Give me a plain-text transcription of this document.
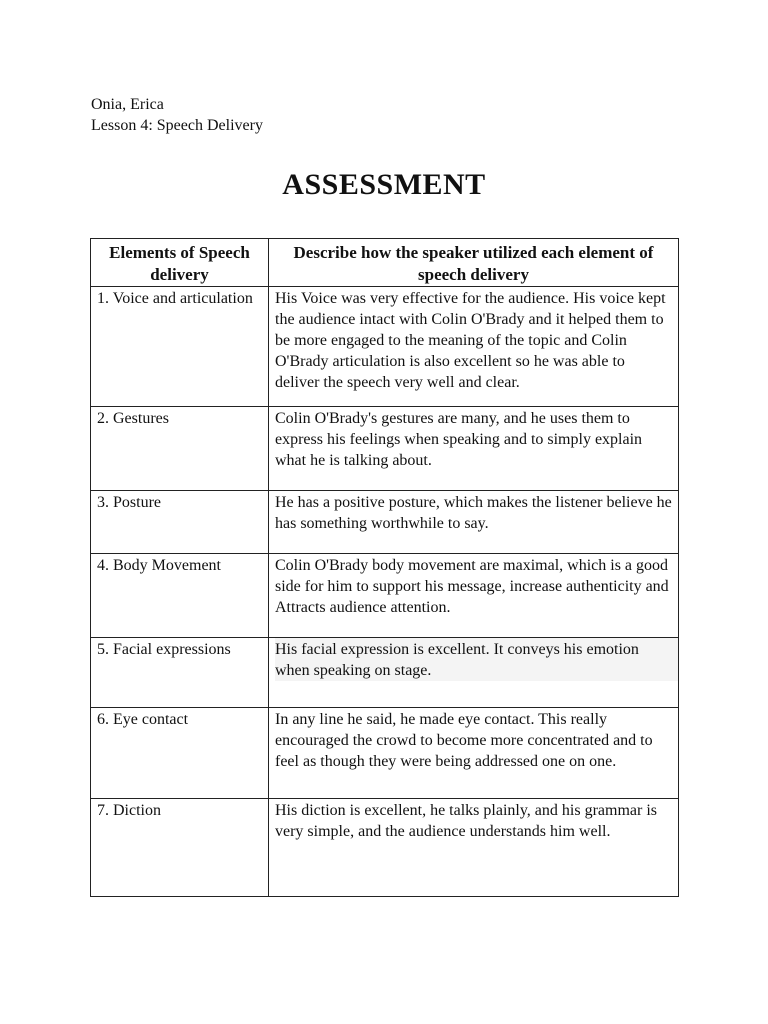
Onia, Erica
Lesson 4: Speech Delivery
ASSESSMENT
Elements of Speech delivery	Describe how the speaker utilized each element of speech delivery

1. Voice and articulation	His Voice was very effective for the audience. His voice kept the audience intact with Colin O'Brady and it helped them to be more engaged to the meaning of the topic and Colin O'Brady articulation is also excellent so he was able to deliver the speech very well and clear.

2. Gestures	Colin O'Brady's gestures are many, and he uses them to express his feelings when speaking and to simply explain what he is talking about.

3. Posture	He has a positive posture, which makes the listener believe he has something worthwhile to say.

4. Body Movement	Colin O'Brady body movement are maximal, which is a good side for him to support his message, increase authenticity and Attracts audience attention.

5. Facial expressions	His facial expression is excellent. It conveys his emotion when speaking on stage.

6. Eye contact	In any line he said, he made eye contact. This really encouraged the crowd to become more concentrated and to feel as though they were being addressed one on one.

7. Diction	His diction is excellent, he talks plainly, and his grammar is very simple, and the audience understands him well.
